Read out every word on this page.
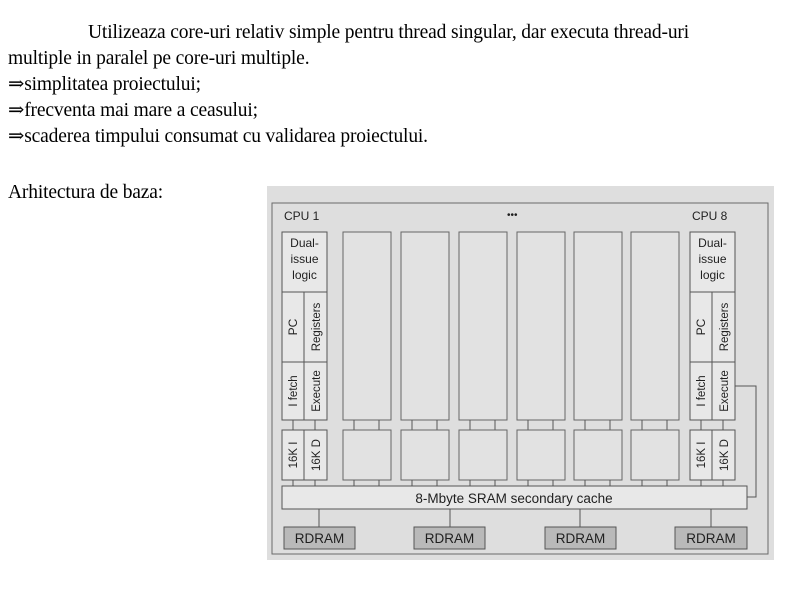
Utilizeaza core-uri relativ simple pentru thread singular, dar executa thread-uri
multiple in paralel pe core-uri multiple.
⇒simplitatea proiectului;
⇒frecventa mai mare a ceasului;
⇒scaderea timpului consumat cu validarea proiectului.
Arhitectura de baza:
CPU 1	•••	CPU 8
Dual-
issue
logic
PC Registers
I fetch Execute
16K I 16K D
Dual-
issue
logic
PC Registers
I fetch Execute
16K I 16K D
8-Mbyte SRAM secondary cache
RDRAM	RDRAM	RDRAM	RDRAM
